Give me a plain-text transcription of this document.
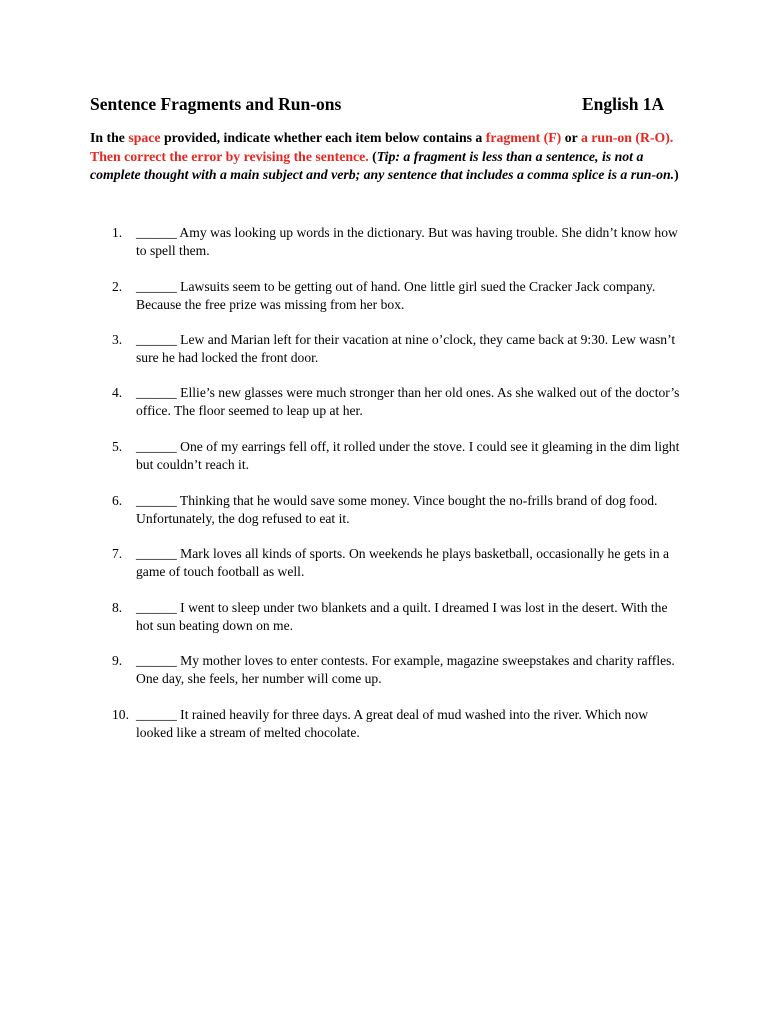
Sentence Fragments and Run-ons	English 1A
In the space provided, indicate whether each item below contains a fragment (F) or a run-on (R-O). Then correct the error by revising the sentence. (Tip: a fragment is less than a sentence, is not a complete thought with a main subject and verb; any sentence that includes a comma splice is a run-on.)
1.	______ Amy was looking up words in the dictionary. But was having trouble. She didn’t know how to spell them.
2.	______ Lawsuits seem to be getting out of hand. One little girl sued the Cracker Jack company. Because the free prize was missing from her box.
3.	______ Lew and Marian left for their vacation at nine o’clock, they came back at 9:30. Lew wasn’t sure he had locked the front door.
4.	______ Ellie’s new glasses were much stronger than her old ones. As she walked out of the doctor’s office. The floor seemed to leap up at her.
5.	______ One of my earrings fell off, it rolled under the stove. I could see it gleaming in the dim light but couldn’t reach it.
6.	______ Thinking that he would save some money. Vince bought the no-frills brand of dog food. Unfortunately, the dog refused to eat it.
7.	______ Mark loves all kinds of sports. On weekends he plays basketball, occasionally he gets in a game of touch football as well.
8.	______ I went to sleep under two blankets and a quilt. I dreamed I was lost in the desert. With the hot sun beating down on me.
9.	______ My mother loves to enter contests. For example, magazine sweepstakes and charity raffles. One day, she feels, her number will come up.
10. ______ It rained heavily for three days. A great deal of mud washed into the river. Which now looked like a stream of melted chocolate.
